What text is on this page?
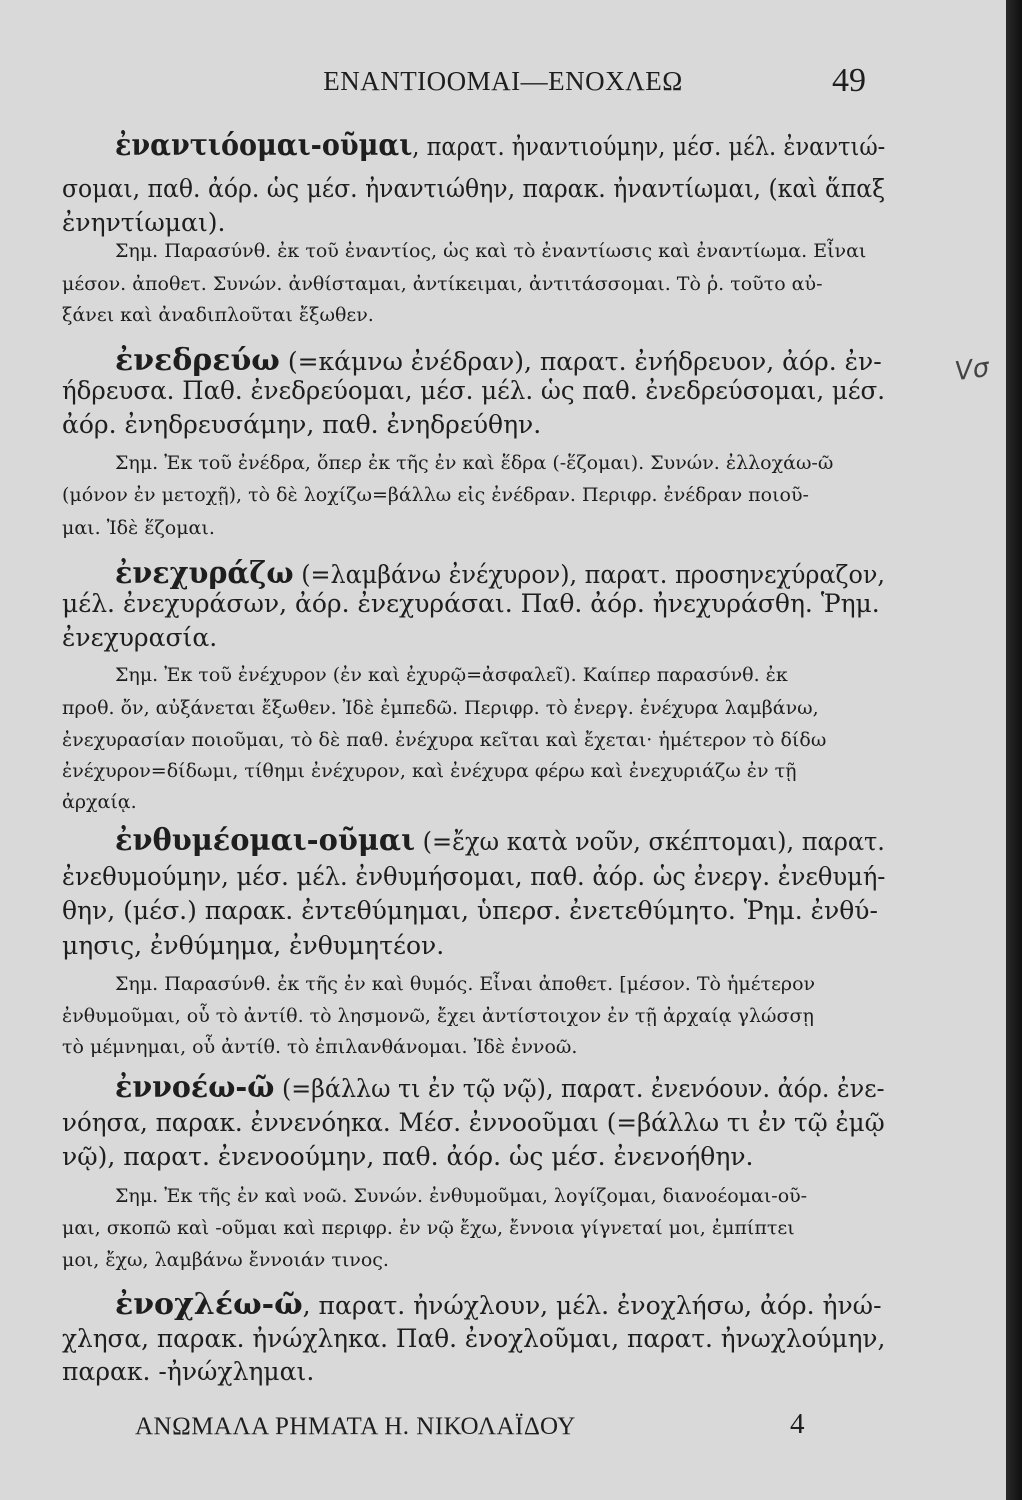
ΕΝΑΝΤΙΟΟΜΑΙ—ΕΝΟΧΛΕΩ	49
Vσ
ἐναντιόομαι-οῦμαι, παρατ. ἠναντιούμην, μέσ. μέλ. ἐναντιώ-
σομαι, παθ. ἀόρ. ὡς μέσ. ἠναντιώθην, παρακ. ἠναντίωμαι, (καὶ ἅπαξ
ἐνηντίωμαι).
Σημ. Παρασύνθ. ἐκ τοῦ ἐναντίος, ὡς καὶ τὸ ἐναντίωσις καὶ ἐναντίωμα. Εἶναι
μέσον. ἀποθετ. Συνών. ἀνθίσταμαι, ἀντίκειμαι, ἀντιτάσσομαι. Τὸ ῥ. τοῦτο αὐ-
ξάνει καὶ ἀναδιπλοῦται ἔξωθεν.
ἐνεδρεύω (=κάμνω ἐνέδραν), παρατ. ἐνήδρευον, ἀόρ. ἐν-
ήδρευσα. Παθ. ἐνεδρεύομαι, μέσ. μέλ. ὡς παθ. ἐνεδρεύσομαι, μέσ.
ἀόρ. ἐνηδρευσάμην, παθ. ἐνηδρεύθην.
Σημ. Ἐκ τοῦ ἐνέδρα, ὅπερ ἐκ τῆς ἐν καὶ ἕδρα (-ἕζομαι). Συνών. ἐλλοχάω-ῶ
(μόνον ἐν μετοχῇ), τὸ δὲ λοχίζω=βάλλω εἰς ἐνέδραν. Περιφρ. ἐνέδραν ποιοῦ-
μαι. Ἰδὲ ἕζομαι.
ἐνεχυράζω (=λαμβάνω ἐνέχυρον), παρατ. προσηνεχύραζον,
μέλ. ἐνεχυράσων, ἀόρ. ἐνεχυράσαι. Παθ. ἀόρ. ἠνεχυράσθη. Ῥημ.
ἐνεχυρασία.
Σημ. Ἐκ τοῦ ἐνέχυρον (ἐν καὶ ἐχυρῷ=ἀσφαλεῖ). Καίπερ παρασύνθ. ἐκ
προθ. ὄν, αὐξάνεται ἔξωθεν. Ἰδὲ ἐμπεδῶ. Περιφρ. τὸ ἐνεργ. ἐνέχυρα λαμβάνω,
ἐνεχυρασίαν ποιοῦμαι, τὸ δὲ παθ. ἐνέχυρα κεῖται καὶ ἔχεται· ἡμέτερον τὸ δίδω
ἐνέχυρον=δίδωμι, τίθημι ἐνέχυρον, καὶ ἐνέχυρα φέρω καὶ ἐνεχυριάζω ἐν τῇ
ἀρχαίᾳ.
ἐνθυμέομαι-οῦμαι (=ἔχω κατὰ νοῦν, σκέπτομαι), παρατ.
ἐνεθυμούμην, μέσ. μέλ. ἐνθυμήσομαι, παθ. ἀόρ. ὡς ἐνεργ. ἐνεθυμή-
θην, (μέσ.) παρακ. ἐντεθύμημαι, ὑπερσ. ἐνετεθύμητο. Ῥημ. ἐνθύ-
μησις, ἐνθύμημα, ἐνθυμητέον.
Σημ. Παρασύνθ. ἐκ τῆς ἐν καὶ θυμός. Εἶναι ἀποθετ. [μέσον. Τὸ ἡμέτερον
ἐνθυμοῦμαι, οὗ τὸ ἀντίθ. τὸ λησμονῶ, ἔχει ἀντίστοιχον ἐν τῇ ἀρχαίᾳ γλώσσῃ
τὸ μέμνημαι, οὗ ἀντίθ. τὸ ἐπιλανθάνομαι. Ἰδὲ ἐννοῶ.
ἐννοέω-ῶ (=βάλλω τι ἐν τῷ νῷ), παρατ. ἐνενόουν. ἀόρ. ἐνε-
νόησα, παρακ. ἐννενόηκα. Μέσ. ἐννοοῦμαι (=βάλλω τι ἐν τῷ ἐμῷ
νῷ), παρατ. ἐνενοούμην, παθ. ἀόρ. ὡς μέσ. ἐνενοήθην.
Σημ. Ἐκ τῆς ἐν καὶ νοῶ. Συνών. ἐνθυμοῦμαι, λογίζομαι, διανοέομαι-οῦ-
μαι, σκοπῶ καὶ -οῦμαι καὶ περιφρ. ἐν νῷ ἔχω, ἔννοια γίγνεταί μοι, ἐμπίπτει
μοι, ἔχω, λαμβάνω ἔννοιάν τινος.
ἐνοχλέω-ῶ, παρατ. ἠνώχλουν, μέλ. ἐνοχλήσω, ἀόρ. ἠνώ-
χλησα, παρακ. ἠνώχληκα. Παθ. ἐνοχλοῦμαι, παρατ. ἠνωχλούμην,
παρακ. -ἠνώχλημαι.
ΑΝΩΜΑΛΑ ΡΗΜΑΤΑ Η. ΝΙΚΟΛΑΪΔΟΥ	4
